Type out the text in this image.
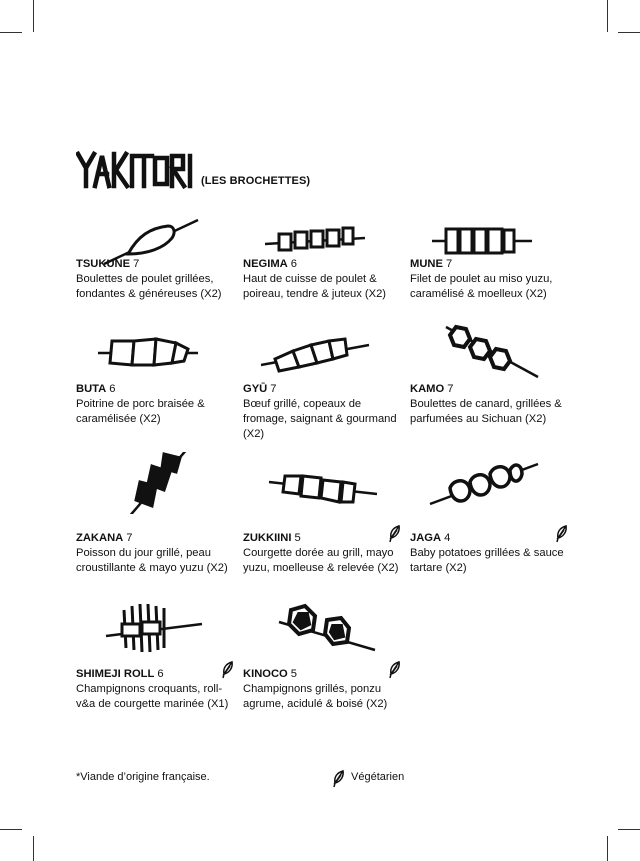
(LES BROCHETTES)
TSUKUNE 7
Boulettes de poulet grillées, fondantes & généreuses (X2)
NEGIMA 6
Haut de cuisse de poulet & poireau, tendre & juteux (X2)
MUNE 7
Filet de poulet au miso yuzu, caramélisé & moelleux (X2)
BUTA 6
Poitrine de porc braisée & caramélisée (X2)
GYŪ 7
Bœuf grillé, copeaux de fromage, saignant & gourmand (X2)
KAMO 7
Boulettes de canard, grillées & parfumées au Sichuan (X2)
ZAKANA 7
Poisson du jour grillé, peau croustillante & mayo yuzu (X2)
ZUKKIINI 5
Courgette dorée au grill, mayo yuzu, moelleuse & relevée (X2)
JAGA 4
Baby potatoes grillées & sauce tartare (X2)
SHIMEJI ROLL 6
Champignons croquants, roll-v&a de courgette marinée (X1)
KINOCO 5
Champignons grillés, ponzu agrume, acidulé & boisé (X2)
*Viande d’origine française.	Végétarien
